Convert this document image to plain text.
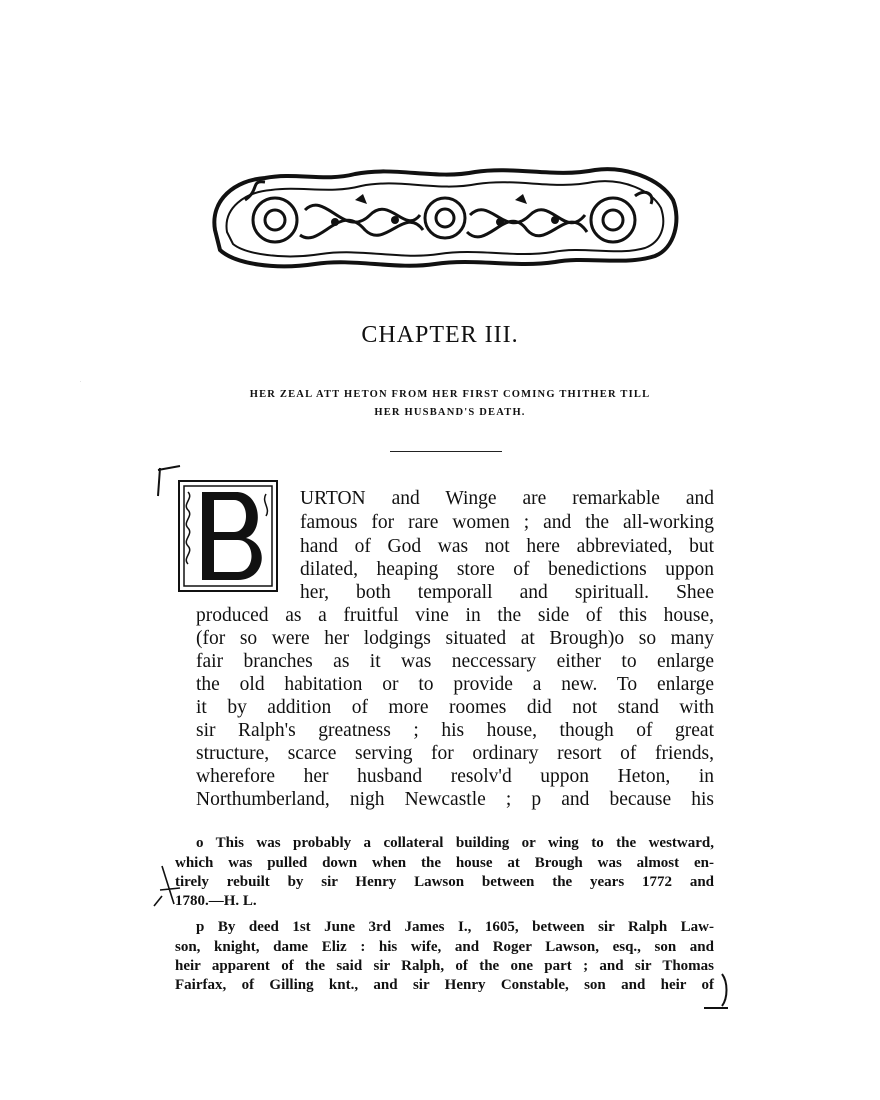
CHAPTER III.
HER ZEAL ATT HETON FROM HER FIRST COMING THITHER TILL
HER HUSBAND'S DEATH.
B
URTON and Winge are remarkable and
famous for rare women ; and the all-working
hand of God was not here abbreviated, but
dilated, heaping store of benedictions uppon
her, both temporall and spirituall. Shee
produced as a fruitful vine in the side of this house,
(for so were her lodgings situated at Brough)o so many
fair branches as it was neccessary either to enlarge
the old habitation or to provide a new. To enlarge
it by addition of more roomes did not stand with
sir Ralph's greatness ; his house, though of great
structure, scarce serving for ordinary resort of friends,
wherefore her husband resolv'd uppon Heton, in
Northumberland, nigh Newcastle ; p and because his
o This was probably a collateral building or wing to the westward,
which was pulled down when the house at Brough was almost en-
tirely rebuilt by sir Henry Lawson between the years 1772 and
1780.—H. L.
p By deed 1st June 3rd James I., 1605, between sir Ralph Law-
son, knight, dame Eliz : his wife, and Roger Lawson, esq., son and
heir apparent of the said sir Ralph, of the one part ; and sir Thomas
Fairfax, of Gilling knt., and sir Henry Constable, son and heir of
